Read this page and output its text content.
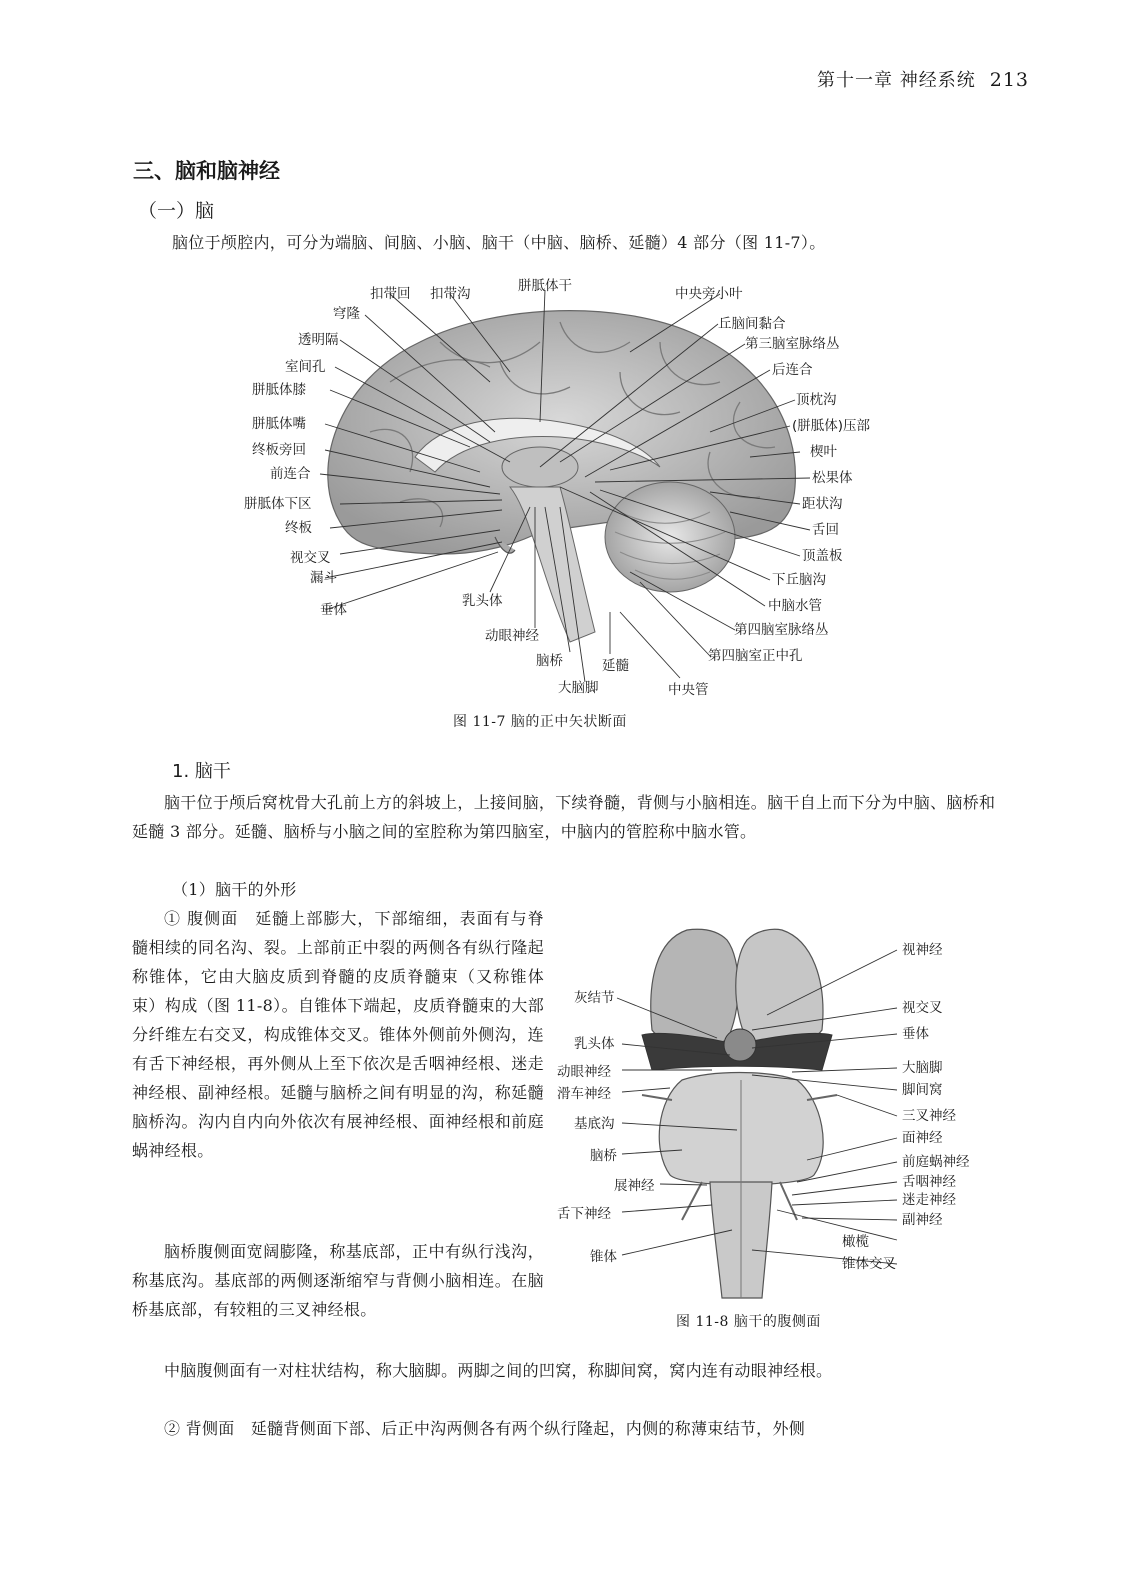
第十一章 神经系统 213
三、脑和脑神经
（一）脑
脑位于颅腔内，可分为端脑、间脑、小脑、脑干（中脑、脑桥、延髓）4 部分（图 11-7）。
扣带回 扣带沟	胼胝体干	中央旁小叶
穹隆
透明隔
室间孔
胼胝体膝
胼胝体嘴
终板旁回
前连合
胼胝体下区
终板
视交叉
漏斗
垂体
丘脑间黏合
第三脑室脉络丛
后连合
顶枕沟
(胼胝体)压部
楔叶
松果体
距状沟
舌回
顶盖板
下丘脑沟
中脑水管
第四脑室脉络丛
第四脑室正中孔
乳头体
动眼神经
脑桥	延髓
大脑脚	中央管
图 11-7 脑的正中矢状断面
1. 脑干
脑干位于颅后窝枕骨大孔前上方的斜坡上，上接间脑，下续脊髓，背侧与小脑相连。脑干自上而下分为中脑、脑桥和延髓 3 部分。延髓、脑桥与小脑之间的室腔称为第四脑室，中脑内的管腔称中脑水管。
（1）脑干的外形
① 腹侧面　延髓上部膨大，下部缩细，表面有与脊髓相续的同名沟、裂。上部前正中裂的两侧各有纵行隆起称锥体，它由大脑皮质到脊髓的皮质脊髓束（又称锥体束）构成（图 11-8）。自锥体下端起，皮质脊髓束的大部分纤维左右交叉，构成锥体交叉。锥体外侧前外侧沟，连有舌下神经根，再外侧从上至下依次是舌咽神经根、迷走神经根、副神经根。延髓与脑桥之间有明显的沟，称延髓脑桥沟。沟内自内向外依次有展神经根、面神经根和前庭蜗神经根。
脑桥腹侧面宽阔膨隆，称基底部，正中有纵行浅沟，称基底沟。基底部的两侧逐渐缩窄与背侧小脑相连。在脑桥基底部，有较粗的三叉神经根。
灰结节
乳头体
动眼神经
滑车神经
基底沟
脑桥
展神经
舌下神经
锥体
视神经
视交叉
垂体
大脑脚
脚间窝
三叉神经
面神经
前庭蜗神经
舌咽神经
迷走神经
副神经
橄榄
锥体交叉
图 11-8 脑干的腹侧面
中脑腹侧面有一对柱状结构，称大脑脚。两脚之间的凹窝，称脚间窝，窝内连有动眼神经根。
② 背侧面　延髓背侧面下部、后正中沟两侧各有两个纵行隆起，内侧的称薄束结节，外侧
